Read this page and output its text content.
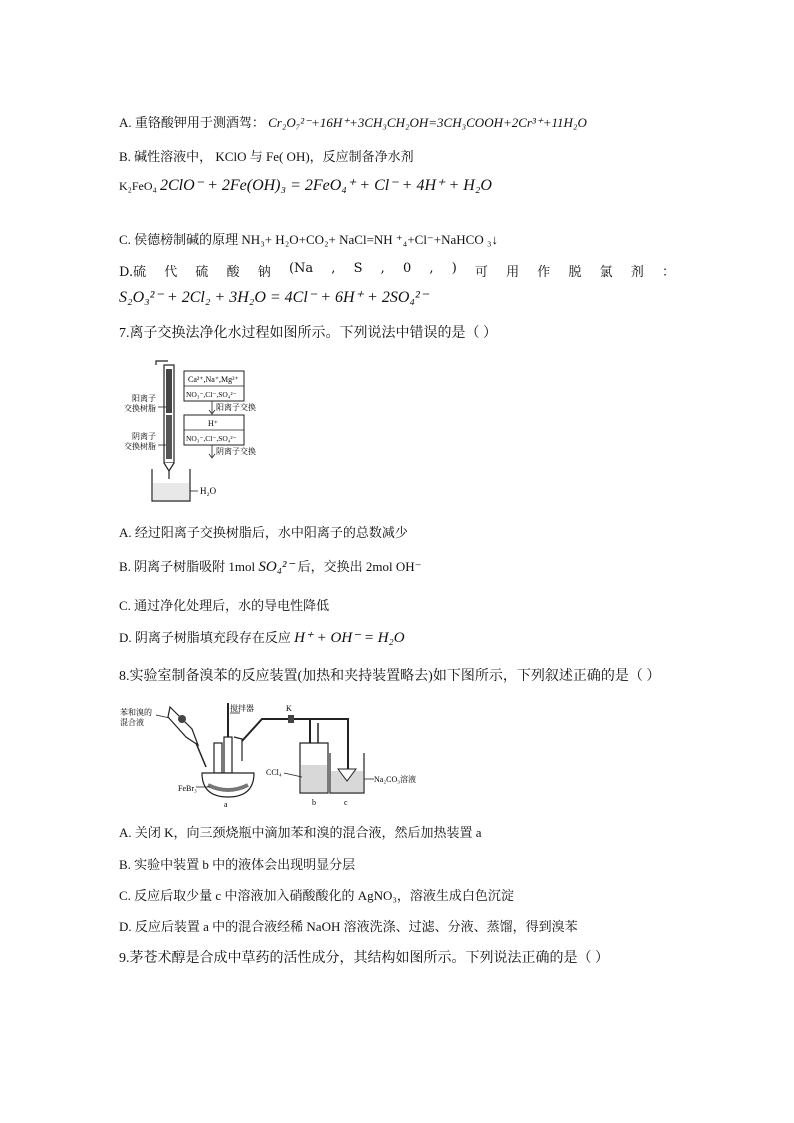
A. 重铬酸钾用于测酒驾： Cr₂O₇²⁻+16H⁺+3CH₃CH₂OH=3CH₃COOH+2Cr³⁺+11H₂O
B. 碱性溶液中， KClO 与 Fe( OH)，反应制备净水剂
K₂FeO₄ 2ClO⁻ + 2Fe(OH)₃ = 2FeO₄⁺ + Cl⁻ + 4H⁺ + H₂O
C. 侯德榜制碱的原理 NH₃+ H₂O+CO₂+ NaCl=NH ⁺₄+Cl⁻+NaHCO ₃↓
D.硫 代 硫 酸 钠 (Na , S , 0 , ) 可 用 作 脱 氯 剂 ：
S₂O₃²⁻ + 2Cl₂ + 3H₂O = 4Cl⁻ + 6H⁺ + 2SO₄²⁻
7.离子交换法净化水过程如图所示。下列说法中错误的是（ ）
阳离子
交换树脂
阴离子
交换树脂
Ca²⁺,Na⁺,Mg²⁺
NO₃⁻,Cl⁻,SO₄²⁻
阳离子交换
H⁺
NO₃⁻,Cl⁻,SO₄²⁻
阴离子交换
H₂O
A. 经过阳离子交换树脂后，水中阳离子的总数减少
B. 阴离子树脂吸附 1mol SO₄²⁻ 后，交换出 2mol OH⁻
C. 通过净化处理后，水的导电性降低
D. 阴离子树脂填充段存在反应 H⁺ + OH⁻ = H₂O
8.实验室制备溴苯的反应装置(加热和夹持装置略去)如下图所示，下列叙述正确的是（ ）
苯和溴的
混合液
搅拌器
FeBr₃
a
K
CCl₄
b
Na₂CO₃溶液
c
A. 关闭 K，向三颈烧瓶中滴加苯和溴的混合液，然后加热装置 a
B. 实验中装置 b 中的液体会出现明显分层
C. 反应后取少量 c 中溶液加入硝酸酸化的 AgNO₃，溶液生成白色沉淀
D. 反应后装置 a 中的混合液经稀 NaOH 溶液洗涤、过滤、分液、蒸馏，得到溴苯
9.茅苍术醇是合成中草药的活性成分，其结构如图所示。下列说法正确的是（ ）
